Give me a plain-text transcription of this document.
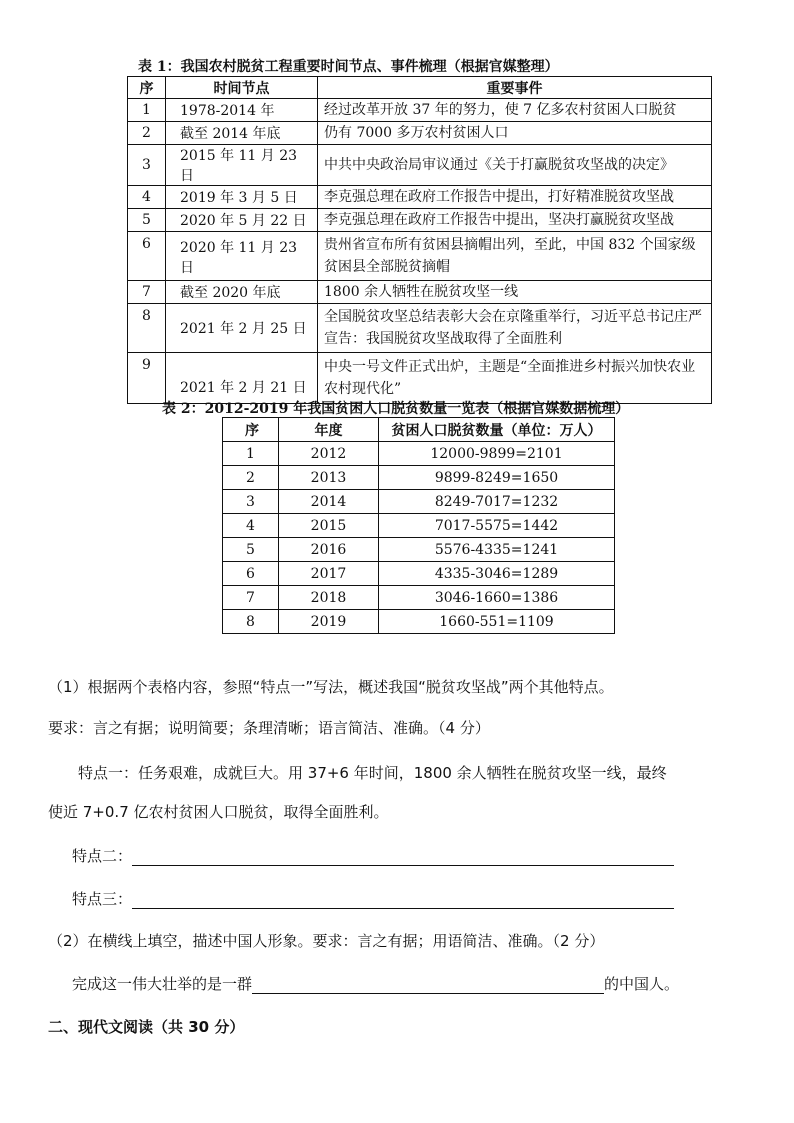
表 1：我国农村脱贫工程重要时间节点、事件梳理（根据官媒整理）
序	时间节点	重要事件
1	1978-2014 年	经过改革开放 37 年的努力，使 7 亿多农村贫困人口脱贫
2	截至 2014 年底	仍有 7000 多万农村贫困人口
3	2015 年 11 月 23 日	中共中央政治局审议通过《关于打赢脱贫攻坚战的决定》
4	2019 年 3 月 5 日	李克强总理在政府工作报告中提出，打好精准脱贫攻坚战
5	2020 年 5 月 22 日	李克强总理在政府工作报告中提出，坚决打赢脱贫攻坚战
6	2020 年 11 月 23 日	贵州省宣布所有贫困县摘帽出列，至此，中国 832 个国家级贫困县全部脱贫摘帽
7	截至 2020 年底	1800 余人牺牲在脱贫攻坚一线
8	2021 年 2 月 25 日	全国脱贫攻坚总结表彰大会在京隆重举行，习近平总书记庄严宣告：我国脱贫攻坚战取得了全面胜利
9	2021 年 2 月 21 日	中央一号文件正式出炉，主题是“全面推进乡村振兴加快农业农村现代化”
表 2：2012-2019 年我国贫困人口脱贫数量一览表（根据官媒数据梳理）
序	年度	贫困人口脱贫数量（单位：万人）
1	2012	12000-9899=2101
2	2013	9899-8249=1650
3	2014	8249-7017=1232
4	2015	7017-5575=1442
5	2016	5576-4335=1241
6	2017	4335-3046=1289
7	2018	3046-1660=1386
8	2019	1660-551=1109
（1）根据两个表格内容，参照“特点一”写法，概述我国“脱贫攻坚战”两个其他特点。
要求：言之有据；说明简要；条理清晰；语言简洁、准确。（4 分）
特点一：任务艰难，成就巨大。用 37+6 年时间，1800 余人牺牲在脱贫攻坚一线，最终
使近 7+0.7 亿农村贫困人口脱贫，取得全面胜利。
特点二：
特点三：
（2）在横线上填空，描述中国人形象。要求：言之有据；用语简洁、准确。（2 分）
完成这一伟大壮举的是一群	的中国人。
二、现代文阅读（共 30 分）
